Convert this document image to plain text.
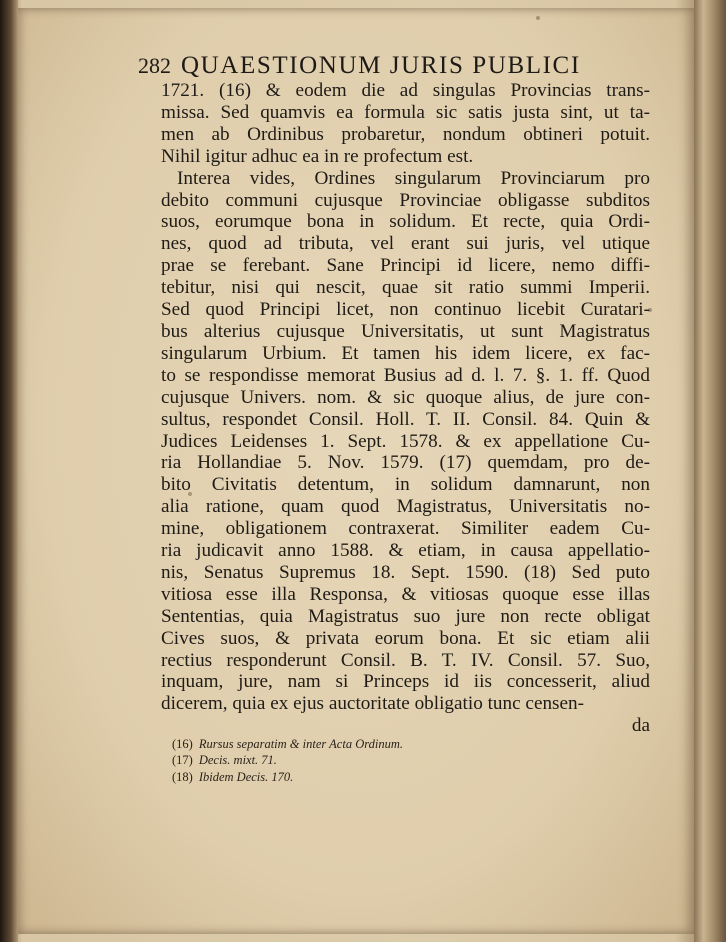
282 QUAESTIONUM JURIS PUBLICI
1721. (16) & eodem die ad singulas Provincias trans-
missa. Sed quamvis ea formula sic satis justa sint, ut ta-
men ab Ordinibus probaretur, nondum obtineri potuit.
Nihil igitur adhuc ea in re profectum est.
Interea vides, Ordines singularum Provinciarum pro
debito communi cujusque Provinciae obligasse subditos
suos, eorumque bona in solidum. Et recte, quia Ordi-
nes, quod ad tributa, vel erant sui juris, vel utique
prae se ferebant. Sane Principi id licere, nemo diffi-
tebitur, nisi qui nescit, quae sit ratio summi Imperii.
Sed quod Principi licet, non continuo licebit Curatari-
bus alterius cujusque Universitatis, ut sunt Magistratus
singularum Urbium. Et tamen his idem licere, ex fac-
to se respondisse memorat Busius ad d. l. 7. §. 1. ff. Quod
cujusque Univers. nom. & sic quoque alius, de jure con-
sultus, respondet Consil. Holl. T. II. Consil. 84. Quin &
Judices Leidenses 1. Sept. 1578. & ex appellatione Cu-
ria Hollandiae 5. Nov. 1579. (17) quemdam, pro de-
bito Civitatis detentum, in solidum damnarunt, non
alia ratione, quam quod Magistratus, Universitatis no-
mine, obligationem contraxerat. Similiter eadem Cu-
ria judicavit anno 1588. & etiam, in causa appellatio-
nis, Senatus Supremus 18. Sept. 1590. (18) Sed puto
vitiosa esse illa Responsa, & vitiosas quoque esse illas
Sententias, quia Magistratus suo jure non recte obligat
Cives suos, & privata eorum bona. Et sic etiam alii
rectius responderunt Consil. B. T. IV. Consil. 57. Suo,
inquam, jure, nam si Princeps id iis concesserit, aliud
dicerem, quia ex ejus auctoritate obligatio tunc censen-
da
(16) Rursus separatim & inter Acta Ordinum.
(17) Decis. mixt. 71.
(18) Ibidem Decis. 170.
